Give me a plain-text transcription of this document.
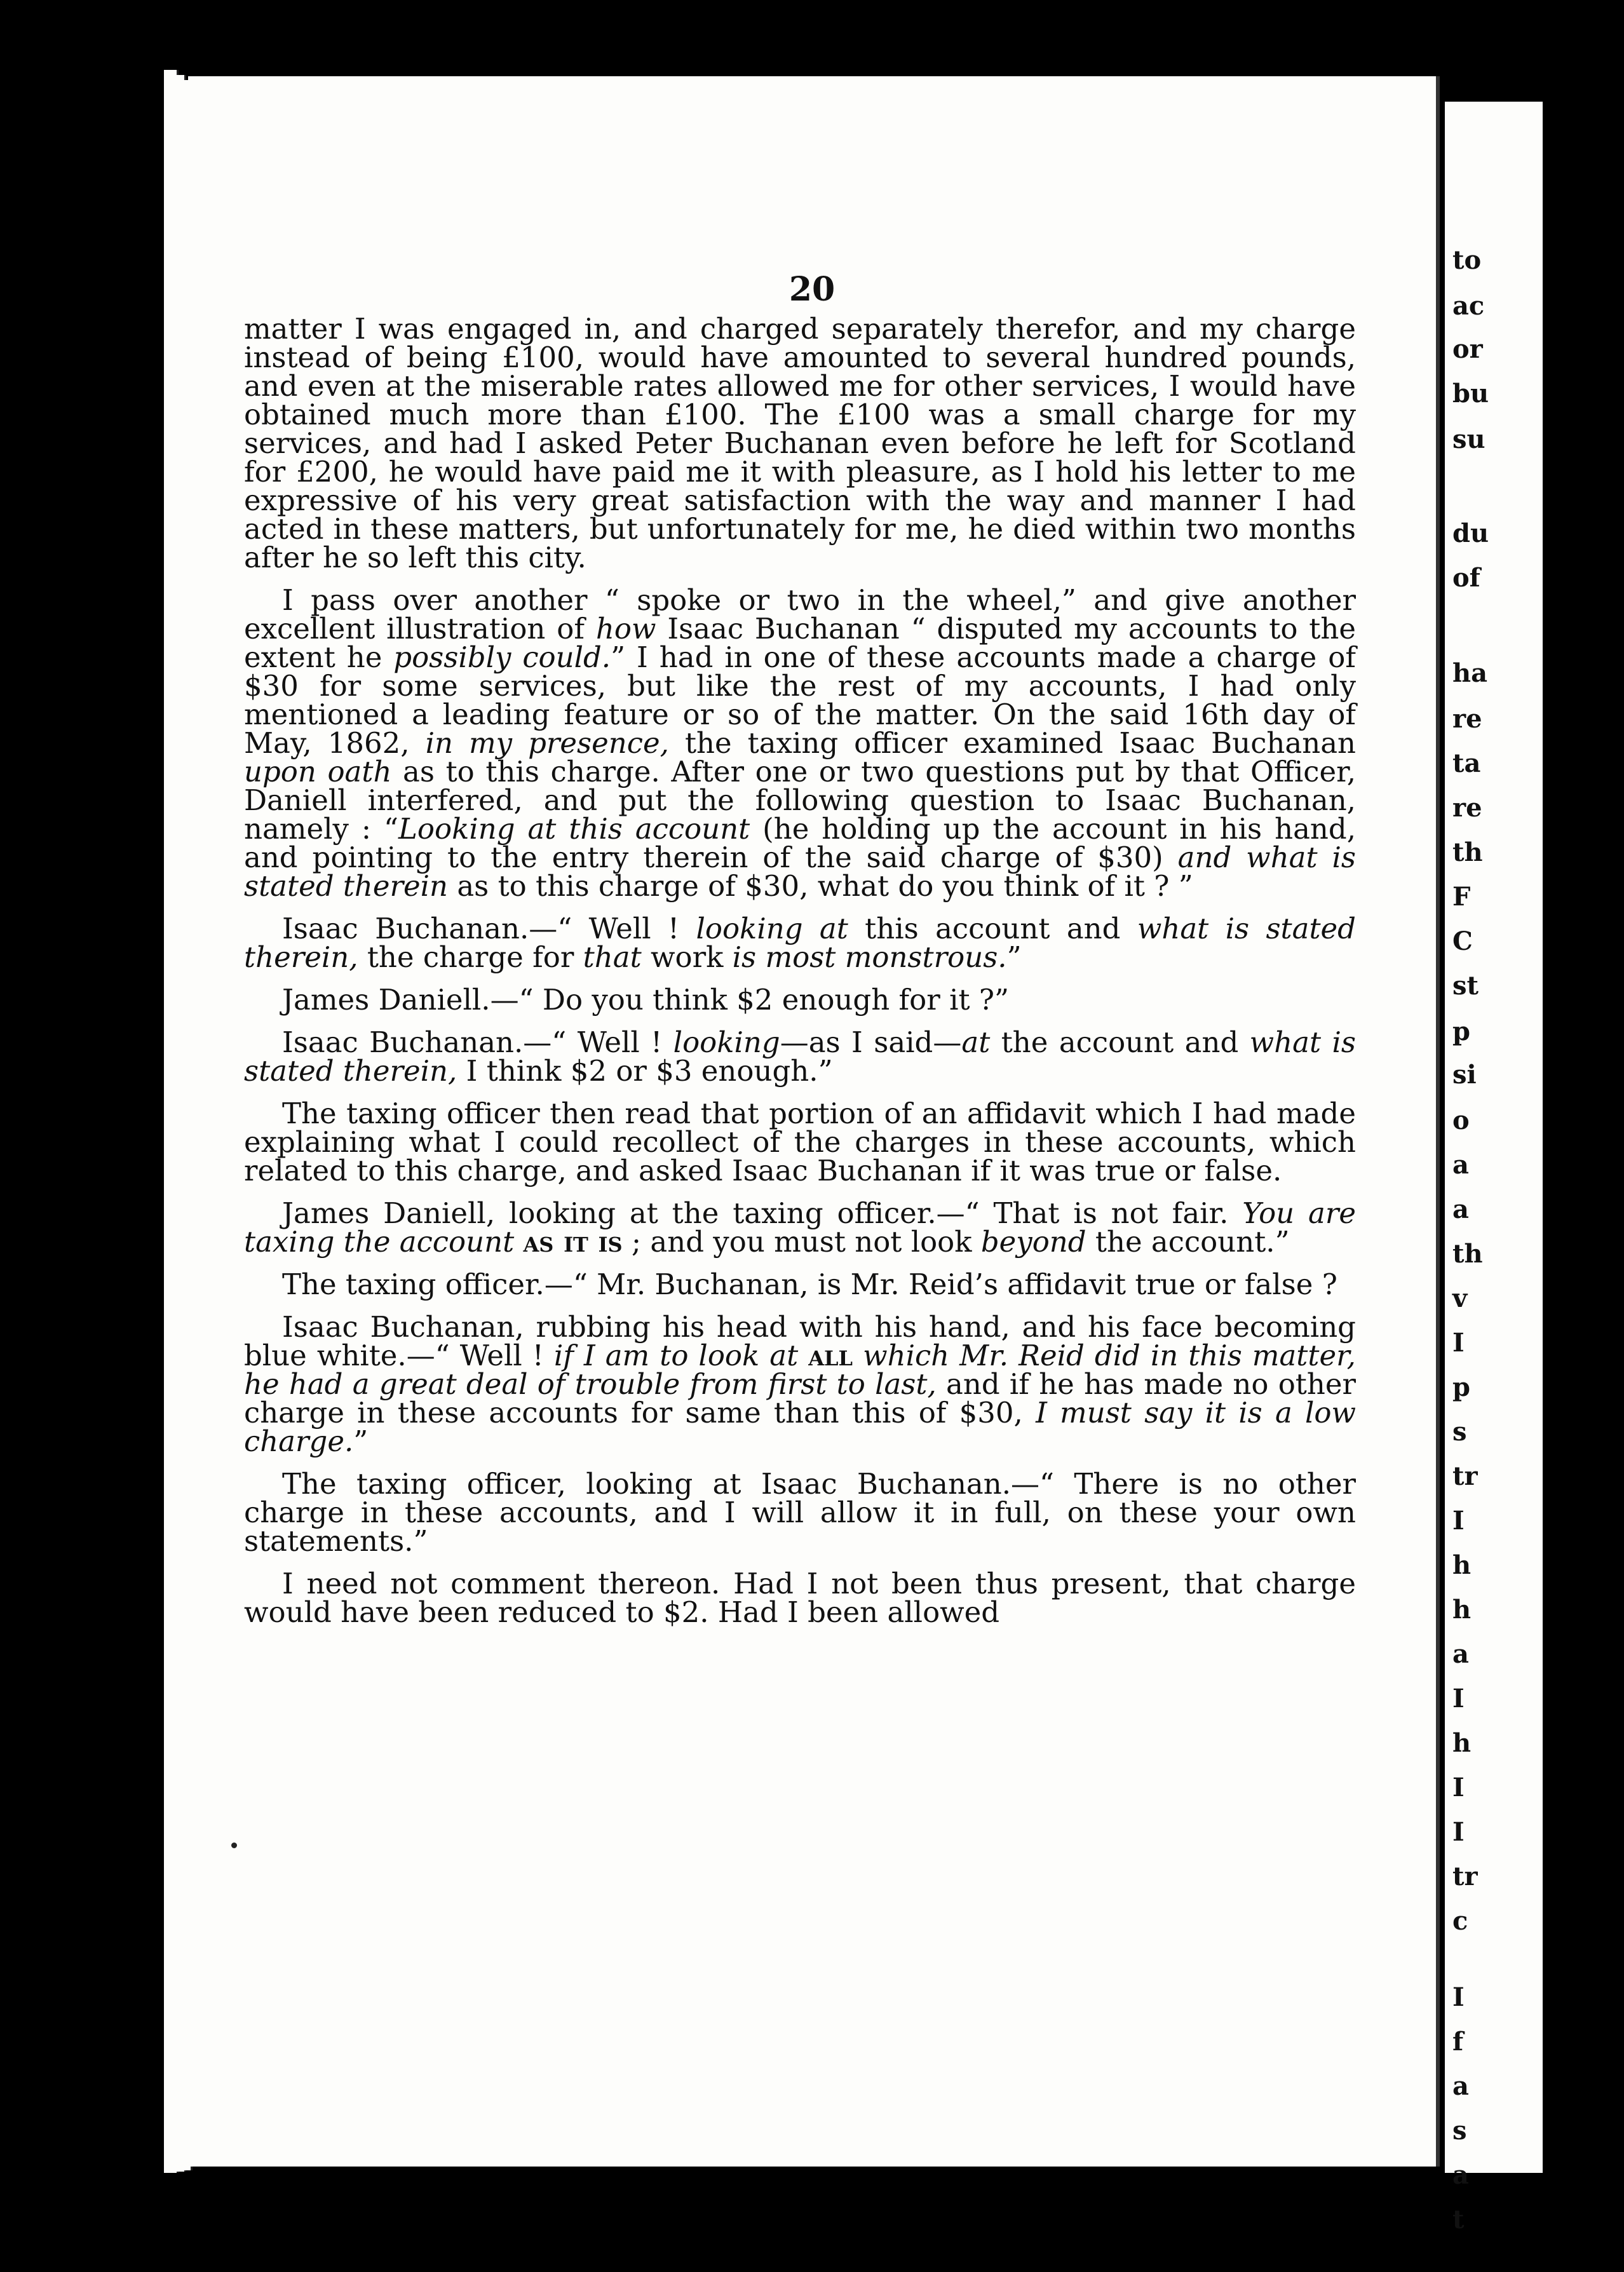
20

matter I was engaged in, and charged separately therefor, and my charge instead of being £100, would have amounted to several hundred pounds, and even at the miserable rates allowed me for other services, I would have obtained much more than £100. The £100 was a small charge for my services, and had I asked Peter Buchanan even before he left for Scotland for £200, he would have paid me it with pleasure, as I hold his letter to me expressive of his very great satisfaction with the way and manner I had acted in these matters, but unfortunately for me, he died within two months after he so left this city.

I pass over another “ spoke or two in the wheel,” and give another excellent illustration of how Isaac Buchanan “ disputed my accounts to the extent he possibly could.” I had in one of these accounts made a charge of $30 for some services, but like the rest of my accounts, I had only mentioned a leading feature or so of the matter. On the said 16th day of May, 1862, in my presence, the taxing officer examined Isaac Buchanan upon oath as to this charge. After one or two questions put by that Officer, Daniell interfered, and put the following question to Isaac Buchanan, namely : “Looking at this account (he holding up the account in his hand, and pointing to the entry therein of the said charge of $30) and what is stated therein as to this charge of $30, what do you think of it ? ”

Isaac Buchanan.—“ Well ! looking at this account and what is stated therein, the charge for that work is most monstrous.”

James Daniell.—“ Do you think $2 enough for it ?”

Isaac Buchanan.—“ Well ! looking—as I said—at the account and what is stated therein, I think $2 or $3 enough.”

The taxing officer then read that portion of an affidavit which I had made explaining what I could recollect of the charges in these accounts, which related to this charge, and asked Isaac Buchanan if it was true or false.

James Daniell, looking at the taxing officer.—“ That is not fair. You are taxing the account as it is ; and you must not look beyond the account.”

The taxing officer.—“ Mr. Buchanan, is Mr. Reid’s affidavit true or false ?

Isaac Buchanan, rubbing his head with his hand, and his face becoming blue white.—“ Well ! if I am to look at all which Mr. Reid did in this matter, he had a great deal of trouble from first to last, and if he has made no other charge in these accounts for same than this of $30, I must say it is a low charge.”

The taxing officer, looking at Isaac Buchanan.—“ There is no other charge in these accounts, and I will allow it in full, on these your own statements.”

I need not comment thereon. Had I not been thus present, that charge would have been reduced to $2. Had I been allowed

to
ac
or
bu
su
du
of
ha
re
ta
re
th
F
C
st
p
si
o
a
a
th
v
I
p
s
tr
I
h
h
a
I
h
I
I
tr
c
I
f
a
s
a
t
